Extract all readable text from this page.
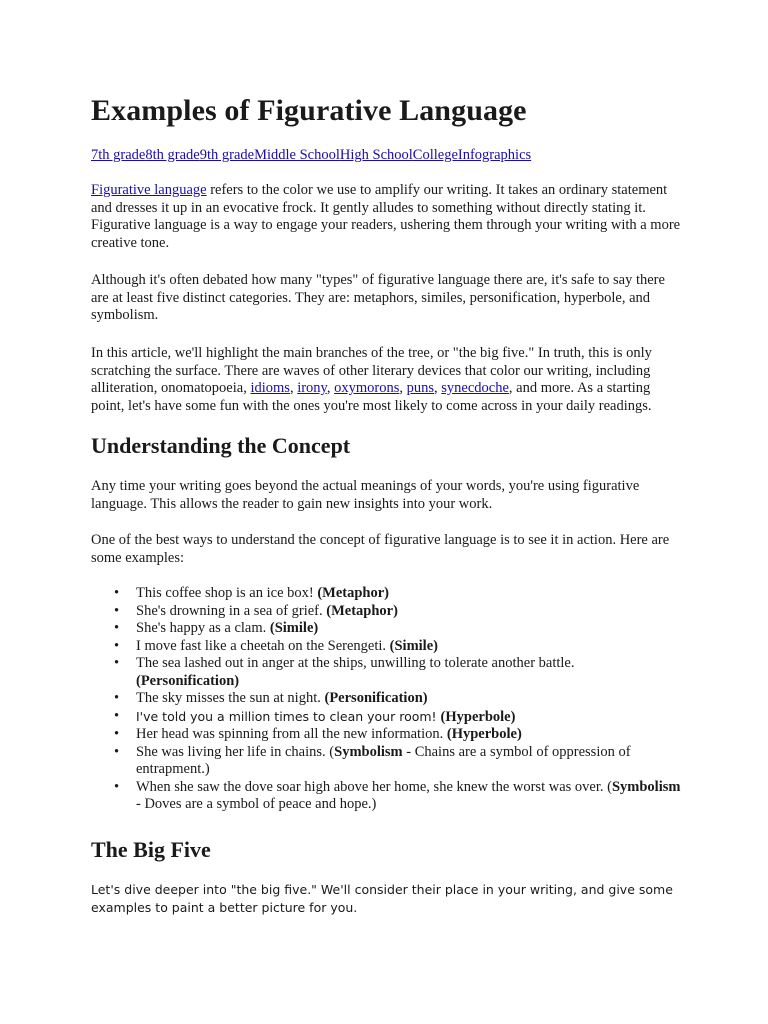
Examples of Figurative Language

7th grade8th grade9th gradeMiddle SchoolHigh SchoolCollegeInfographics

Figurative language refers to the color we use to amplify our writing. It takes an ordinary statement and dresses it up in an evocative frock. It gently alludes to something without directly stating it. Figurative language is a way to engage your readers, ushering them through your writing with a more creative tone.

Although it's often debated how many "types" of figurative language there are, it's safe to say there are at least five distinct categories. They are: metaphors, similes, personification, hyperbole, and symbolism.

In this article, we'll highlight the main branches of the tree, or "the big five." In truth, this is only scratching the surface. There are waves of other literary devices that color our writing, including alliteration, onomatopoeia, idioms, irony, oxymorons, puns, synecdoche, and more. As a starting point, let's have some fun with the ones you're most likely to come across in your daily readings.

Understanding the Concept

Any time your writing goes beyond the actual meanings of your words, you're using figurative language. This allows the reader to gain new insights into your work.

One of the best ways to understand the concept of figurative language is to see it in action. Here are some examples:

• This coffee shop is an ice box! (Metaphor)
• She's drowning in a sea of grief. (Metaphor)
• She's happy as a clam. (Simile)
• I move fast like a cheetah on the Serengeti. (Simile)
• The sea lashed out in anger at the ships, unwilling to tolerate another battle. (Personification)
• The sky misses the sun at night. (Personification)
• I've told you a million times to clean your room! (Hyperbole)
• Her head was spinning from all the new information. (Hyperbole)
• She was living her life in chains. (Symbolism - Chains are a symbol of oppression of entrapment.)
• When she saw the dove soar high above her home, she knew the worst was over. (Symbolism - Doves are a symbol of peace and hope.)
The Big Five

Let's dive deeper into "the big five." We'll consider their place in your writing, and give some examples to paint a better picture for you.
